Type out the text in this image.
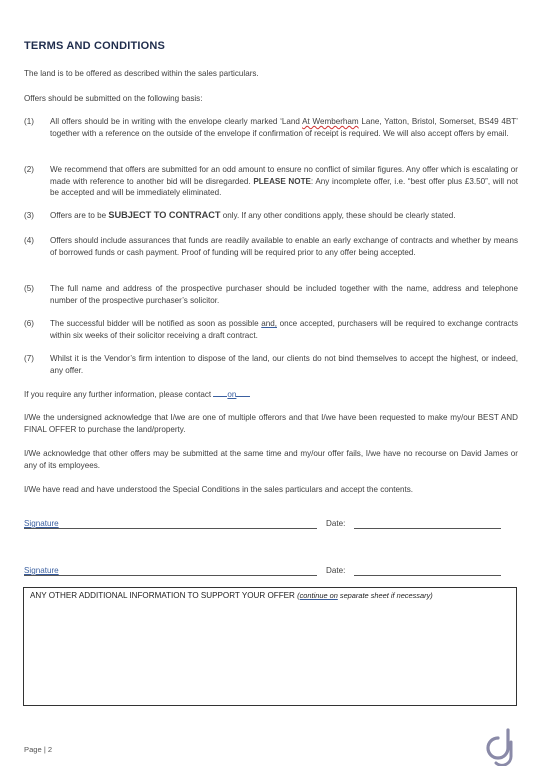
TERMS AND CONDITIONS
The land is to be offered as described within the sales particulars.
Offers should be submitted on the following basis:
(1) All offers should be in writing with the envelope clearly marked ‘Land At Wemberham Lane, Yatton, Bristol, Somerset, BS49 4BT’ together with a reference on the outside of the envelope if confirmation of receipt is required. We will also accept offers by email.
(2) We recommend that offers are submitted for an odd amount to ensure no conflict of similar figures. Any offer which is escalating or made with reference to another bid will be disregarded. PLEASE NOTE: Any incomplete offer, i.e. “best offer plus £3.50”, will not be accepted and will be immediately eliminated.
(3) Offers are to be SUBJECT TO CONTRACT only. If any other conditions apply, these should be clearly stated.
(4) Offers should include assurances that funds are readily available to enable an early exchange of contracts and whether by means of borrowed funds or cash payment. Proof of funding will be required prior to any offer being accepted.
(5) The full name and address of the prospective purchaser should be included together with the name, address and telephone number of the prospective purchaser’s solicitor.
(6) The successful bidder will be notified as soon as possible and, once accepted, purchasers will be required to exchange contracts within six weeks of their solicitor receiving a draft contract.
(7) Whilst it is the Vendor’s firm intention to dispose of the land, our clients do not bind themselves to accept the highest, or indeed, any offer.
If you require any further information, please contact on
I/We the undersigned acknowledge that I/we are one of multiple offerors and that I/we have been requested to make my/our BEST AND FINAL OFFER to purchase the land/property.
I/We acknowledge that other offers may be submitted at the same time and my/our offer fails, I/we have no recourse on David James or any of its employees.
I/We have read and have understood the Special Conditions in the sales particulars and accept the contents.
Signature	Date:
Signature	Date:
ANY OTHER ADDITIONAL INFORMATION TO SUPPORT YOUR OFFER (continue on separate sheet if necessary)
Page | 2
